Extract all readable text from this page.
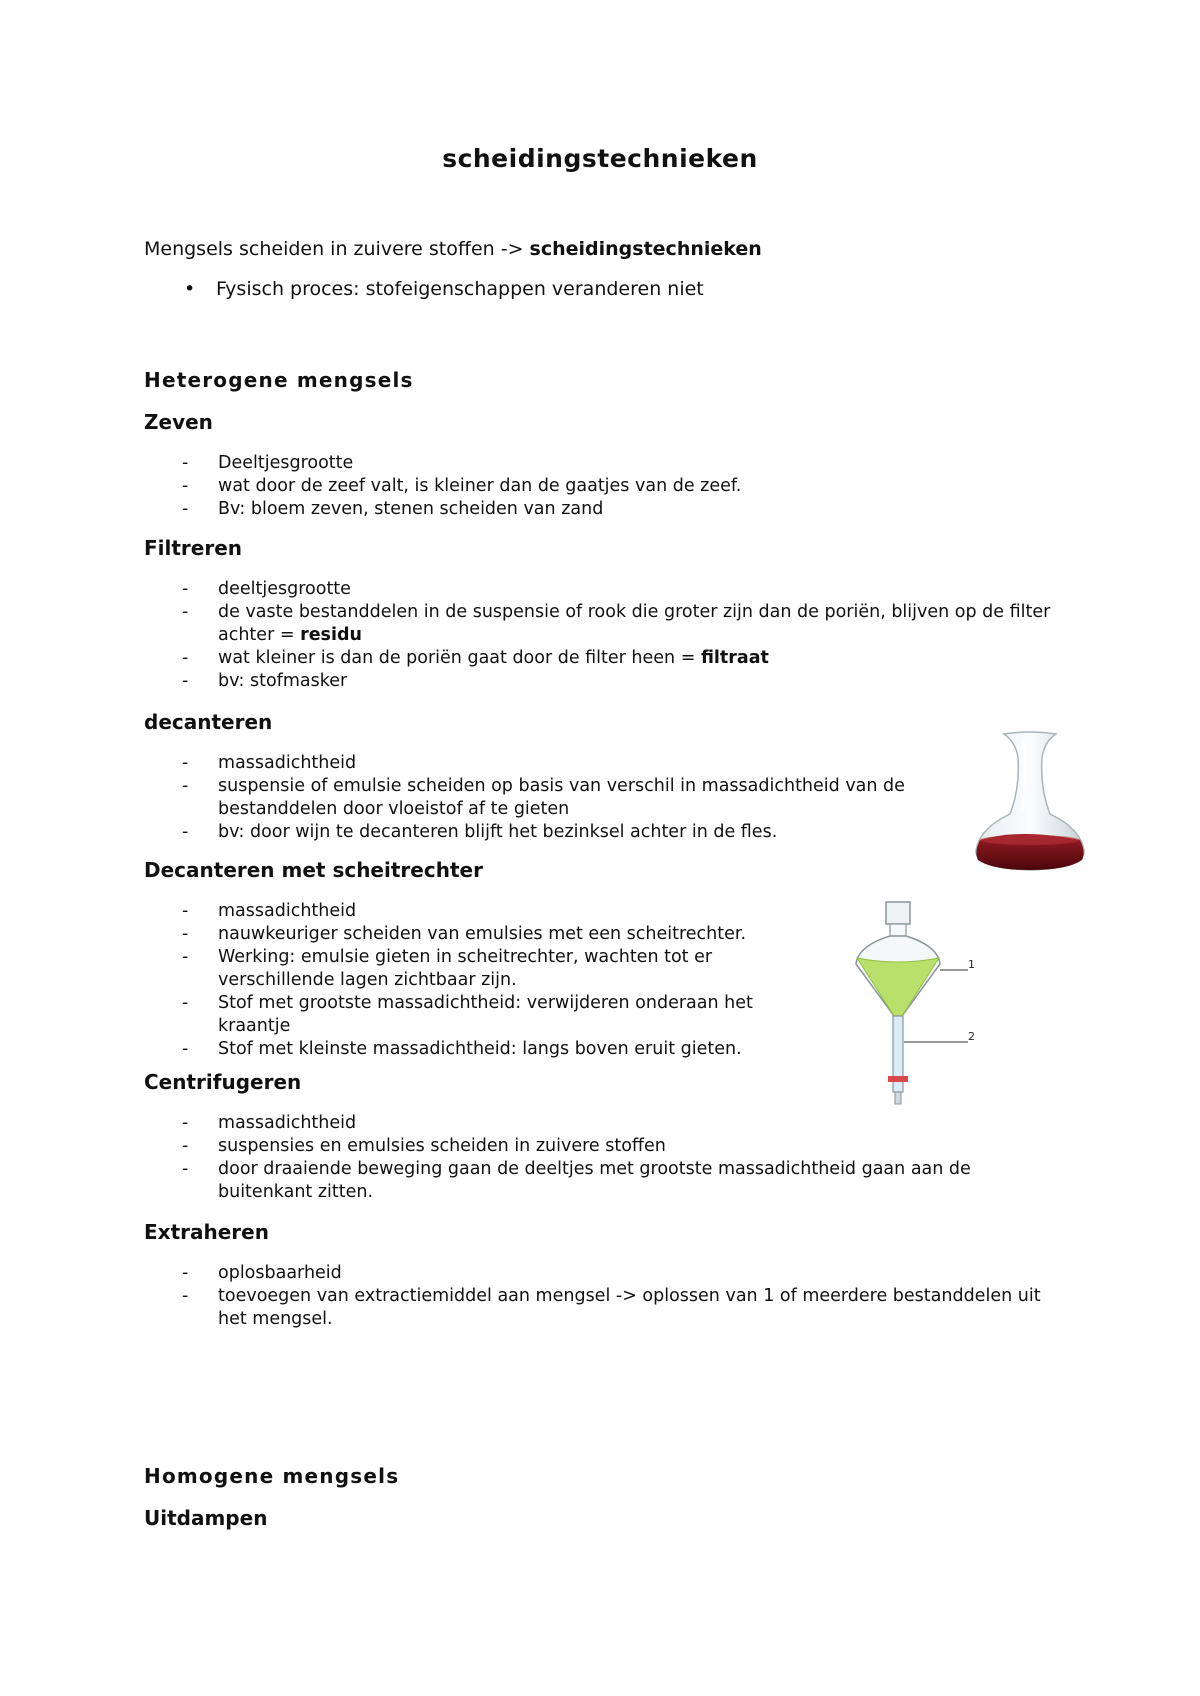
scheidingstechnieken
Mengsels scheiden in zuivere stoffen -> scheidingstechnieken
• Fysisch proces: stofeigenschappen veranderen niet
Heterogene mengsels
Zeven
- Deeltjesgrootte
- wat door de zeef valt, is kleiner dan de gaatjes van de zeef.
- Bv: bloem zeven, stenen scheiden van zand
Filtreren
- deeltjesgrootte
- de vaste bestanddelen in de suspensie of rook die groter zijn dan de poriën, blijven op de filter achter = residu
- wat kleiner is dan de poriën gaat door de filter heen = filtraat
- bv: stofmasker
decanteren
- massadichtheid
- suspensie of emulsie scheiden op basis van verschil in massadichtheid van de bestanddelen door vloeistof af te gieten
- bv: door wijn te decanteren blijft het bezinksel achter in de fles.
Decanteren met scheitrechter
- massadichtheid
- nauwkeuriger scheiden van emulsies met een scheitrechter.
- Werking: emulsie gieten in scheitrechter, wachten tot er verschillende lagen zichtbaar zijn.
- Stof met grootste massadichtheid: verwijderen onderaan het kraantje
- Stof met kleinste massadichtheid: langs boven eruit gieten.
1
2
Centrifugeren
- massadichtheid
- suspensies en emulsies scheiden in zuivere stoffen
- door draaiende beweging gaan de deeltjes met grootste massadichtheid gaan aan de buitenkant zitten.
Extraheren
- oplosbaarheid
- toevoegen van extractiemiddel aan mengsel -> oplossen van 1 of meerdere bestanddelen uit het mengsel.
Homogene mengsels
Uitdampen
